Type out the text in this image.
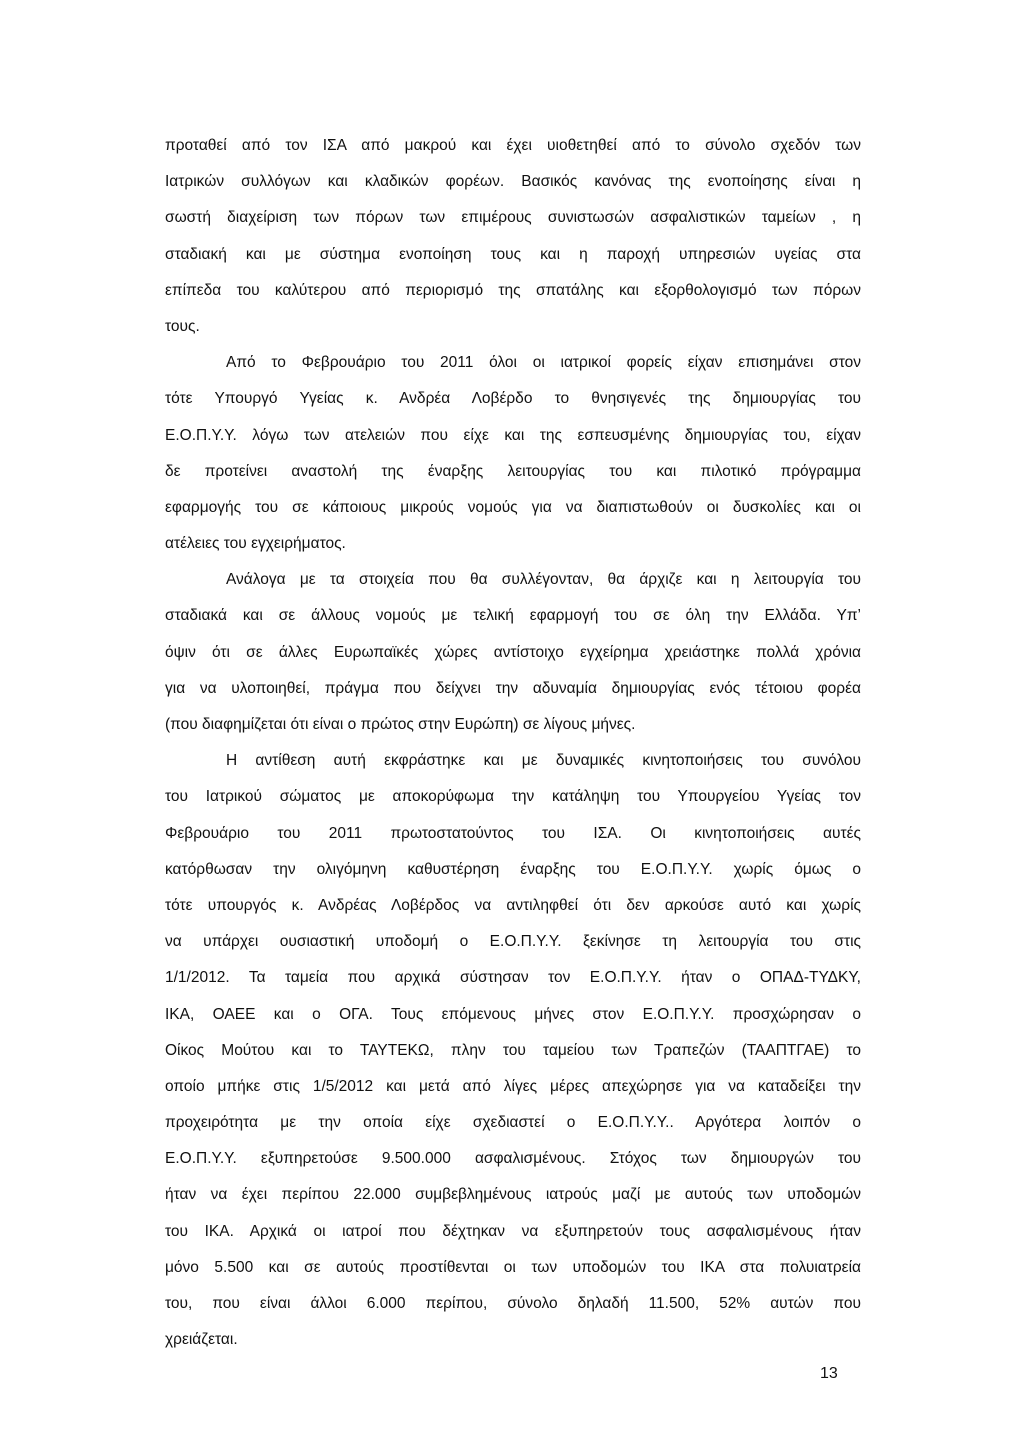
προταθεί από τον ΙΣΑ από μακρού και έχει υιοθετηθεί από το σύνολο σχεδόν των
Ιατρικών συλλόγων και κλαδικών φορέων. Βασικός κανόνας της ενοποίησης είναι η
σωστή διαχείριση των πόρων των επιμέρους συνιστωσών ασφαλιστικών ταμείων , η
σταδιακή και με σύστημα ενοποίηση τους και η παροχή υπηρεσιών υγείας στα
επίπεδα του καλύτερου από περιορισμό της σπατάλης και εξορθολογισμό των πόρων
τους.
Από το Φεβρουάριο του 2011 όλοι οι ιατρικοί φορείς είχαν επισημάνει στον
τότε Υπουργό Υγείας κ. Ανδρέα Λοβέρδο το θνησιγενές της δημιουργίας του
Ε.Ο.Π.Υ.Υ. λόγω των ατελειών που είχε και της εσπευσμένης δημιουργίας του, είχαν
δε προτείνει αναστολή της έναρξης λειτουργίας του και πιλοτικό πρόγραμμα
εφαρμογής του σε κάποιους μικρούς νομούς για να διαπιστωθούν οι δυσκολίες και οι
ατέλειες του εγχειρήματος.
Ανάλογα με τα στοιχεία που θα συλλέγονταν, θα άρχιζε και η λειτουργία του
σταδιακά και σε άλλους νομούς με τελική εφαρμογή του σε όλη την Ελλάδα. Υπ’
όψιν ότι σε άλλες Ευρωπαϊκές χώρες αντίστοιχο εγχείρημα χρειάστηκε πολλά χρόνια
για να υλοποιηθεί, πράγμα που δείχνει την αδυναμία δημιουργίας ενός τέτοιου φορέα
(που διαφημίζεται ότι είναι ο πρώτος στην Ευρώπη) σε λίγους μήνες.
Η αντίθεση αυτή εκφράστηκε και με δυναμικές κινητοποιήσεις του συνόλου
του Ιατρικού σώματος με αποκορύφωμα την κατάληψη του Υπουργείου Υγείας τον
Φεβρουάριο του 2011 πρωτοστατούντος του ΙΣΑ. Οι κινητοποιήσεις αυτές
κατόρθωσαν την ολιγόμηνη καθυστέρηση έναρξης του Ε.Ο.Π.Υ.Υ. χωρίς όμως ο
τότε υπουργός κ. Ανδρέας Λοβέρδος να αντιληφθεί ότι δεν αρκούσε αυτό και χωρίς
να υπάρχει ουσιαστική υποδομή ο Ε.Ο.Π.Υ.Υ. ξεκίνησε τη λειτουργία του στις
1/1/2012. Τα ταμεία που αρχικά σύστησαν τον Ε.Ο.Π.Υ.Υ. ήταν ο ΟΠΑΔ-ΤΥΔΚΥ,
ΙΚΑ, ΟΑΕΕ και ο ΟΓΑ. Τους επόμενους μήνες στον Ε.Ο.Π.Υ.Υ. προσχώρησαν ο
Οίκος Μούτου και το ΤΑΥΤΕΚΩ, πλην του ταμείου των Τραπεζών (ΤΑΑΠΤΓΑΕ) το
οποίο μπήκε στις 1/5/2012 και μετά από λίγες μέρες απεχώρησε για να καταδείξει την
προχειρότητα με την οποία είχε σχεδιαστεί ο Ε.Ο.Π.Υ.Υ.. Αργότερα λοιπόν ο
Ε.Ο.Π.Υ.Υ. εξυπηρετούσε 9.500.000 ασφαλισμένους. Στόχος των δημιουργών του
ήταν να έχει περίπου 22.000 συμβεβλημένους ιατρούς μαζί με αυτούς των υποδομών
του ΙΚΑ. Αρχικά οι ιατροί που δέχτηκαν να εξυπηρετούν τους ασφαλισμένους ήταν
μόνο 5.500 και σε αυτούς προστίθενται οι των υποδομών του ΙΚΑ στα πολυιατρεία
του, που είναι άλλοι 6.000 περίπου, σύνολο δηλαδή 11.500, 52% αυτών που
χρειάζεται.
13
